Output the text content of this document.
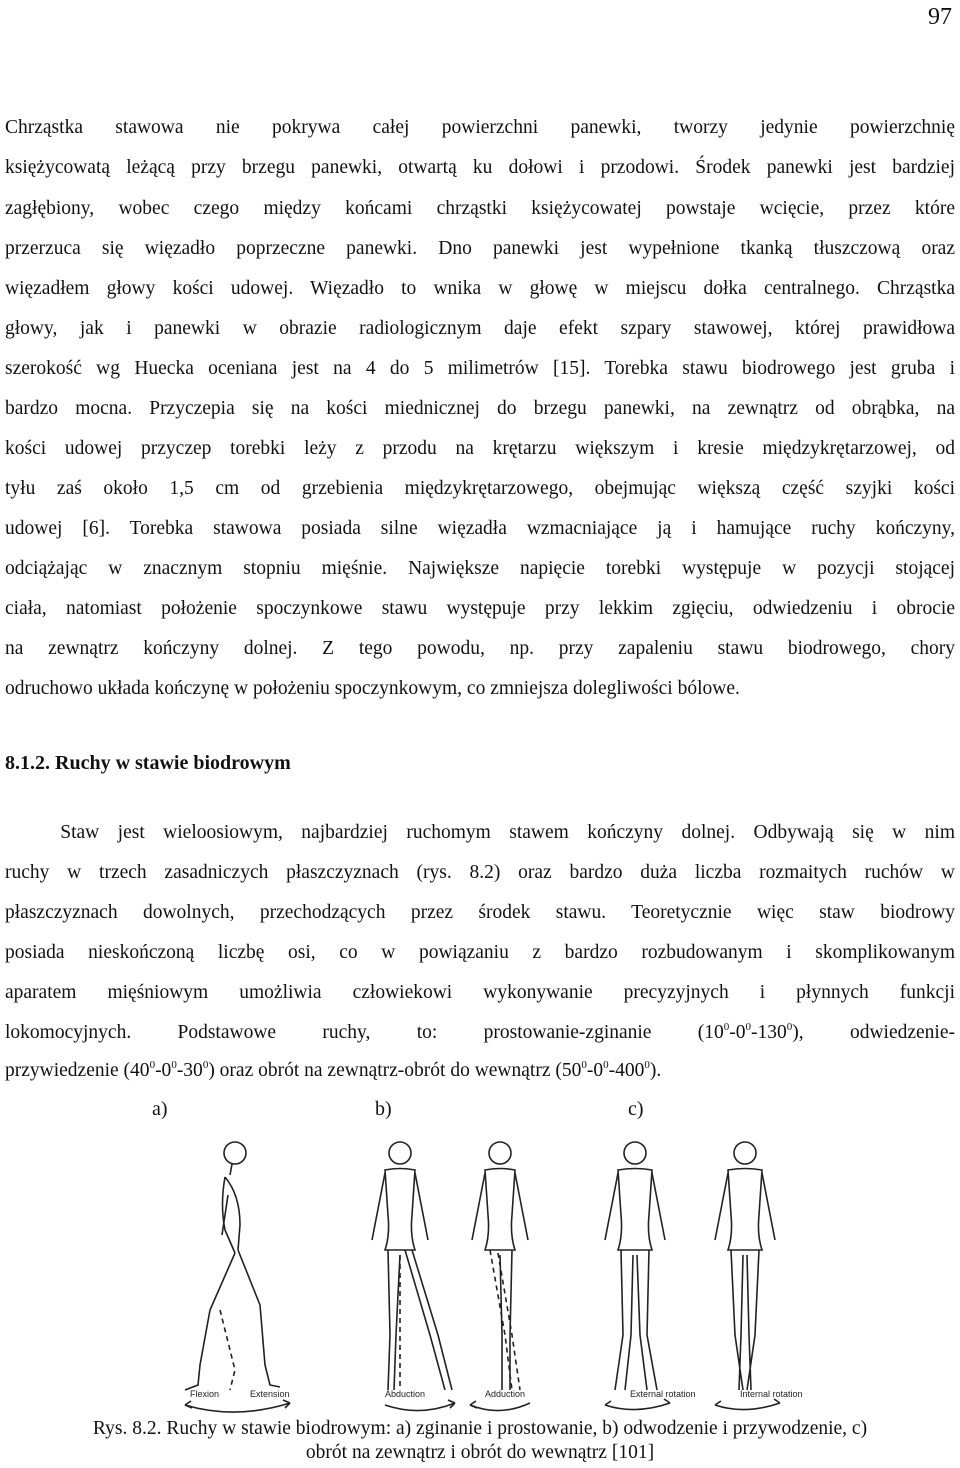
97
Chrząstka stawowa nie pokrywa całej powierzchni panewki, tworzy jedynie powierzchnię
księżycowatą leżącą przy brzegu panewki, otwartą ku dołowi i przodowi. Środek panewki jest bardziej
zagłębiony, wobec czego między końcami chrząstki księżycowatej powstaje wcięcie, przez które
przerzuca się więzadło poprzeczne panewki. Dno panewki jest wypełnione tkanką tłuszczową oraz
więzadłem głowy kości udowej. Więzadło to wnika w głowę w miejscu dołka centralnego. Chrząstka
głowy, jak i panewki w obrazie radiologicznym daje efekt szpary stawowej, której prawidłowa
szerokość wg Huecka oceniana jest na 4 do 5 milimetrów [15]. Torebka stawu biodrowego jest gruba i
bardzo mocna. Przyczepia się na kości miednicznej do brzegu panewki, na zewnątrz od obrąbka, na
kości udowej przyczep torebki leży z przodu na krętarzu większym i kresie międzykrętarzowej, od
tyłu zaś około 1,5 cm od grzebienia międzykrętarzowego, obejmując większą część szyjki kości
udowej [6]. Torebka stawowa posiada silne więzadła wzmacniające ją i hamujące ruchy kończyny,
odciążając w znacznym stopniu mięśnie. Największe napięcie torebki występuje w pozycji stojącej
ciała, natomiast położenie spoczynkowe stawu występuje przy lekkim zgięciu, odwiedzeniu i obrocie
na zewnątrz kończyny dolnej. Z tego powodu, np. przy zapaleniu stawu biodrowego, chory
odruchowo układa kończynę w położeniu spoczynkowym, co zmniejsza dolegliwości bólowe.
8.1.2. Ruchy w stawie biodrowym
Staw jest wieloosiowym, najbardziej ruchomym stawem kończyny dolnej. Odbywają się w nim
ruchy w trzech zasadniczych płaszczyznach (rys. 8.2) oraz bardzo duża liczba rozmaitych ruchów w
płaszczyznach dowolnych, przechodzących przez środek stawu. Teoretycznie więc staw biodrowy
posiada nieskończoną liczbę osi, co w powiązaniu z bardzo rozbudowanym i skomplikowanym
aparatem mięśniowym umożliwia człowiekowi wykonywanie precyzyjnych i płynnych funkcji
lokomocyjnych. Podstawowe ruchy, to: prostowanie-zginanie $(10^0-0^0-130^0)$, odwiedzenie-
przywiedzenie $(40^0-0^0-30^0)$ oraz obrót na zewnątrz-obrót do wewnątrz $(50^0-0^0-400^0)$.
a)	b)	c)
Flexion	Extension	Abduction	Adduction	External rotation	Internal rotation
Rys. 8.2. Ruchy w stawie biodrowym: a) zginanie i prostowanie, b) odwodzenie i przywodzenie, c)
obrót na zewnątrz i obrót do wewnątrz [101]
